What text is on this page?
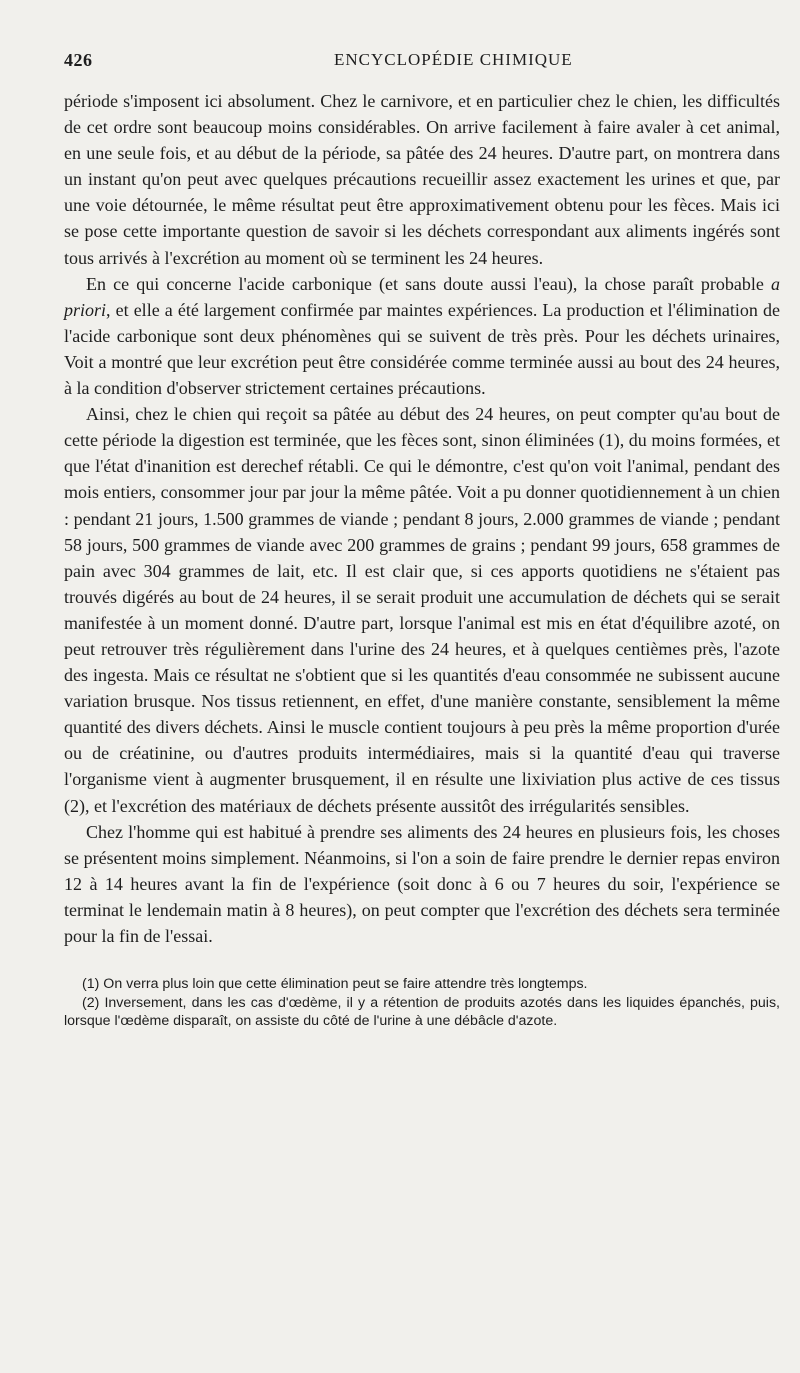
426	ENCYCLOPÉDIE CHIMIQUE

période s'imposent ici absolument. Chez le carnivore, et en particulier chez le chien, les difficultés de cet ordre sont beaucoup moins considérables. On arrive facilement à faire avaler à cet animal, en une seule fois, et au début de la période, sa pâtée des 24 heures. D'autre part, on montrera dans un instant qu'on peut avec quelques précautions recueillir assez exactement les urines et que, par une voie détournée, le même résultat peut être approximativement obtenu pour les fèces. Mais ici se pose cette importante question de savoir si les déchets correspondant aux aliments ingérés sont tous arrivés à l'excrétion au moment où se terminent les 24 heures.

En ce qui concerne l'acide carbonique (et sans doute aussi l'eau), la chose paraît probable a priori, et elle a été largement confirmée par maintes expériences. La production et l'élimination de l'acide carbonique sont deux phénomènes qui se suivent de très près. Pour les déchets urinaires, Voit a montré que leur excrétion peut être considérée comme terminée aussi au bout des 24 heures, à la condition d'observer strictement certaines précautions.

Ainsi, chez le chien qui reçoit sa pâtée au début des 24 heures, on peut compter qu'au bout de cette période la digestion est terminée, que les fèces sont, sinon éliminées (1), du moins formées, et que l'état d'inanition est derechef rétabli. Ce qui le démontre, c'est qu'on voit l'animal, pendant des mois entiers, consommer jour par jour la même pâtée. Voit a pu donner quotidiennement à un chien : pendant 21 jours, 1.500 grammes de viande ; pendant 8 jours, 2.000 grammes de viande ; pendant 58 jours, 500 grammes de viande avec 200 grammes de grains ; pendant 99 jours, 658 grammes de pain avec 304 grammes de lait, etc. Il est clair que, si ces apports quotidiens ne s'étaient pas trouvés digérés au bout de 24 heures, il se serait produit une accumulation de déchets qui se serait manifestée à un moment donné. D'autre part, lorsque l'animal est mis en état d'équilibre azoté, on peut retrouver très régulièrement dans l'urine des 24 heures, et à quelques centièmes près, l'azote des ingesta. Mais ce résultat ne s'obtient que si les quantités d'eau consommée ne subissent aucune variation brusque. Nos tissus retiennent, en effet, d'une manière constante, sensiblement la même quantité des divers déchets. Ainsi le muscle contient toujours à peu près la même proportion d'urée ou de créatinine, ou d'autres produits intermédiaires, mais si la quantité d'eau qui traverse l'organisme vient à augmenter brusquement, il en résulte une lixiviation plus active de ces tissus (2), et l'excrétion des matériaux de déchets présente aussitôt des irrégularités sensibles.

Chez l'homme qui est habitué à prendre ses aliments des 24 heures en plusieurs fois, les choses se présentent moins simplement. Néanmoins, si l'on a soin de faire prendre le dernier repas environ 12 à 14 heures avant la fin de l'expérience (soit donc à 6 ou 7 heures du soir, l'expérience se terminat le lendemain matin à 8 heures), on peut compter que l'excrétion des déchets sera terminée pour la fin de l'essai.

(1) On verra plus loin que cette élimination peut se faire attendre très longtemps.

(2) Inversement, dans les cas d'œdème, il y a rétention de produits azotés dans les liquides épanchés, puis, lorsque l'œdème disparaît, on assiste du côté de l'urine à une débâcle d'azote.
